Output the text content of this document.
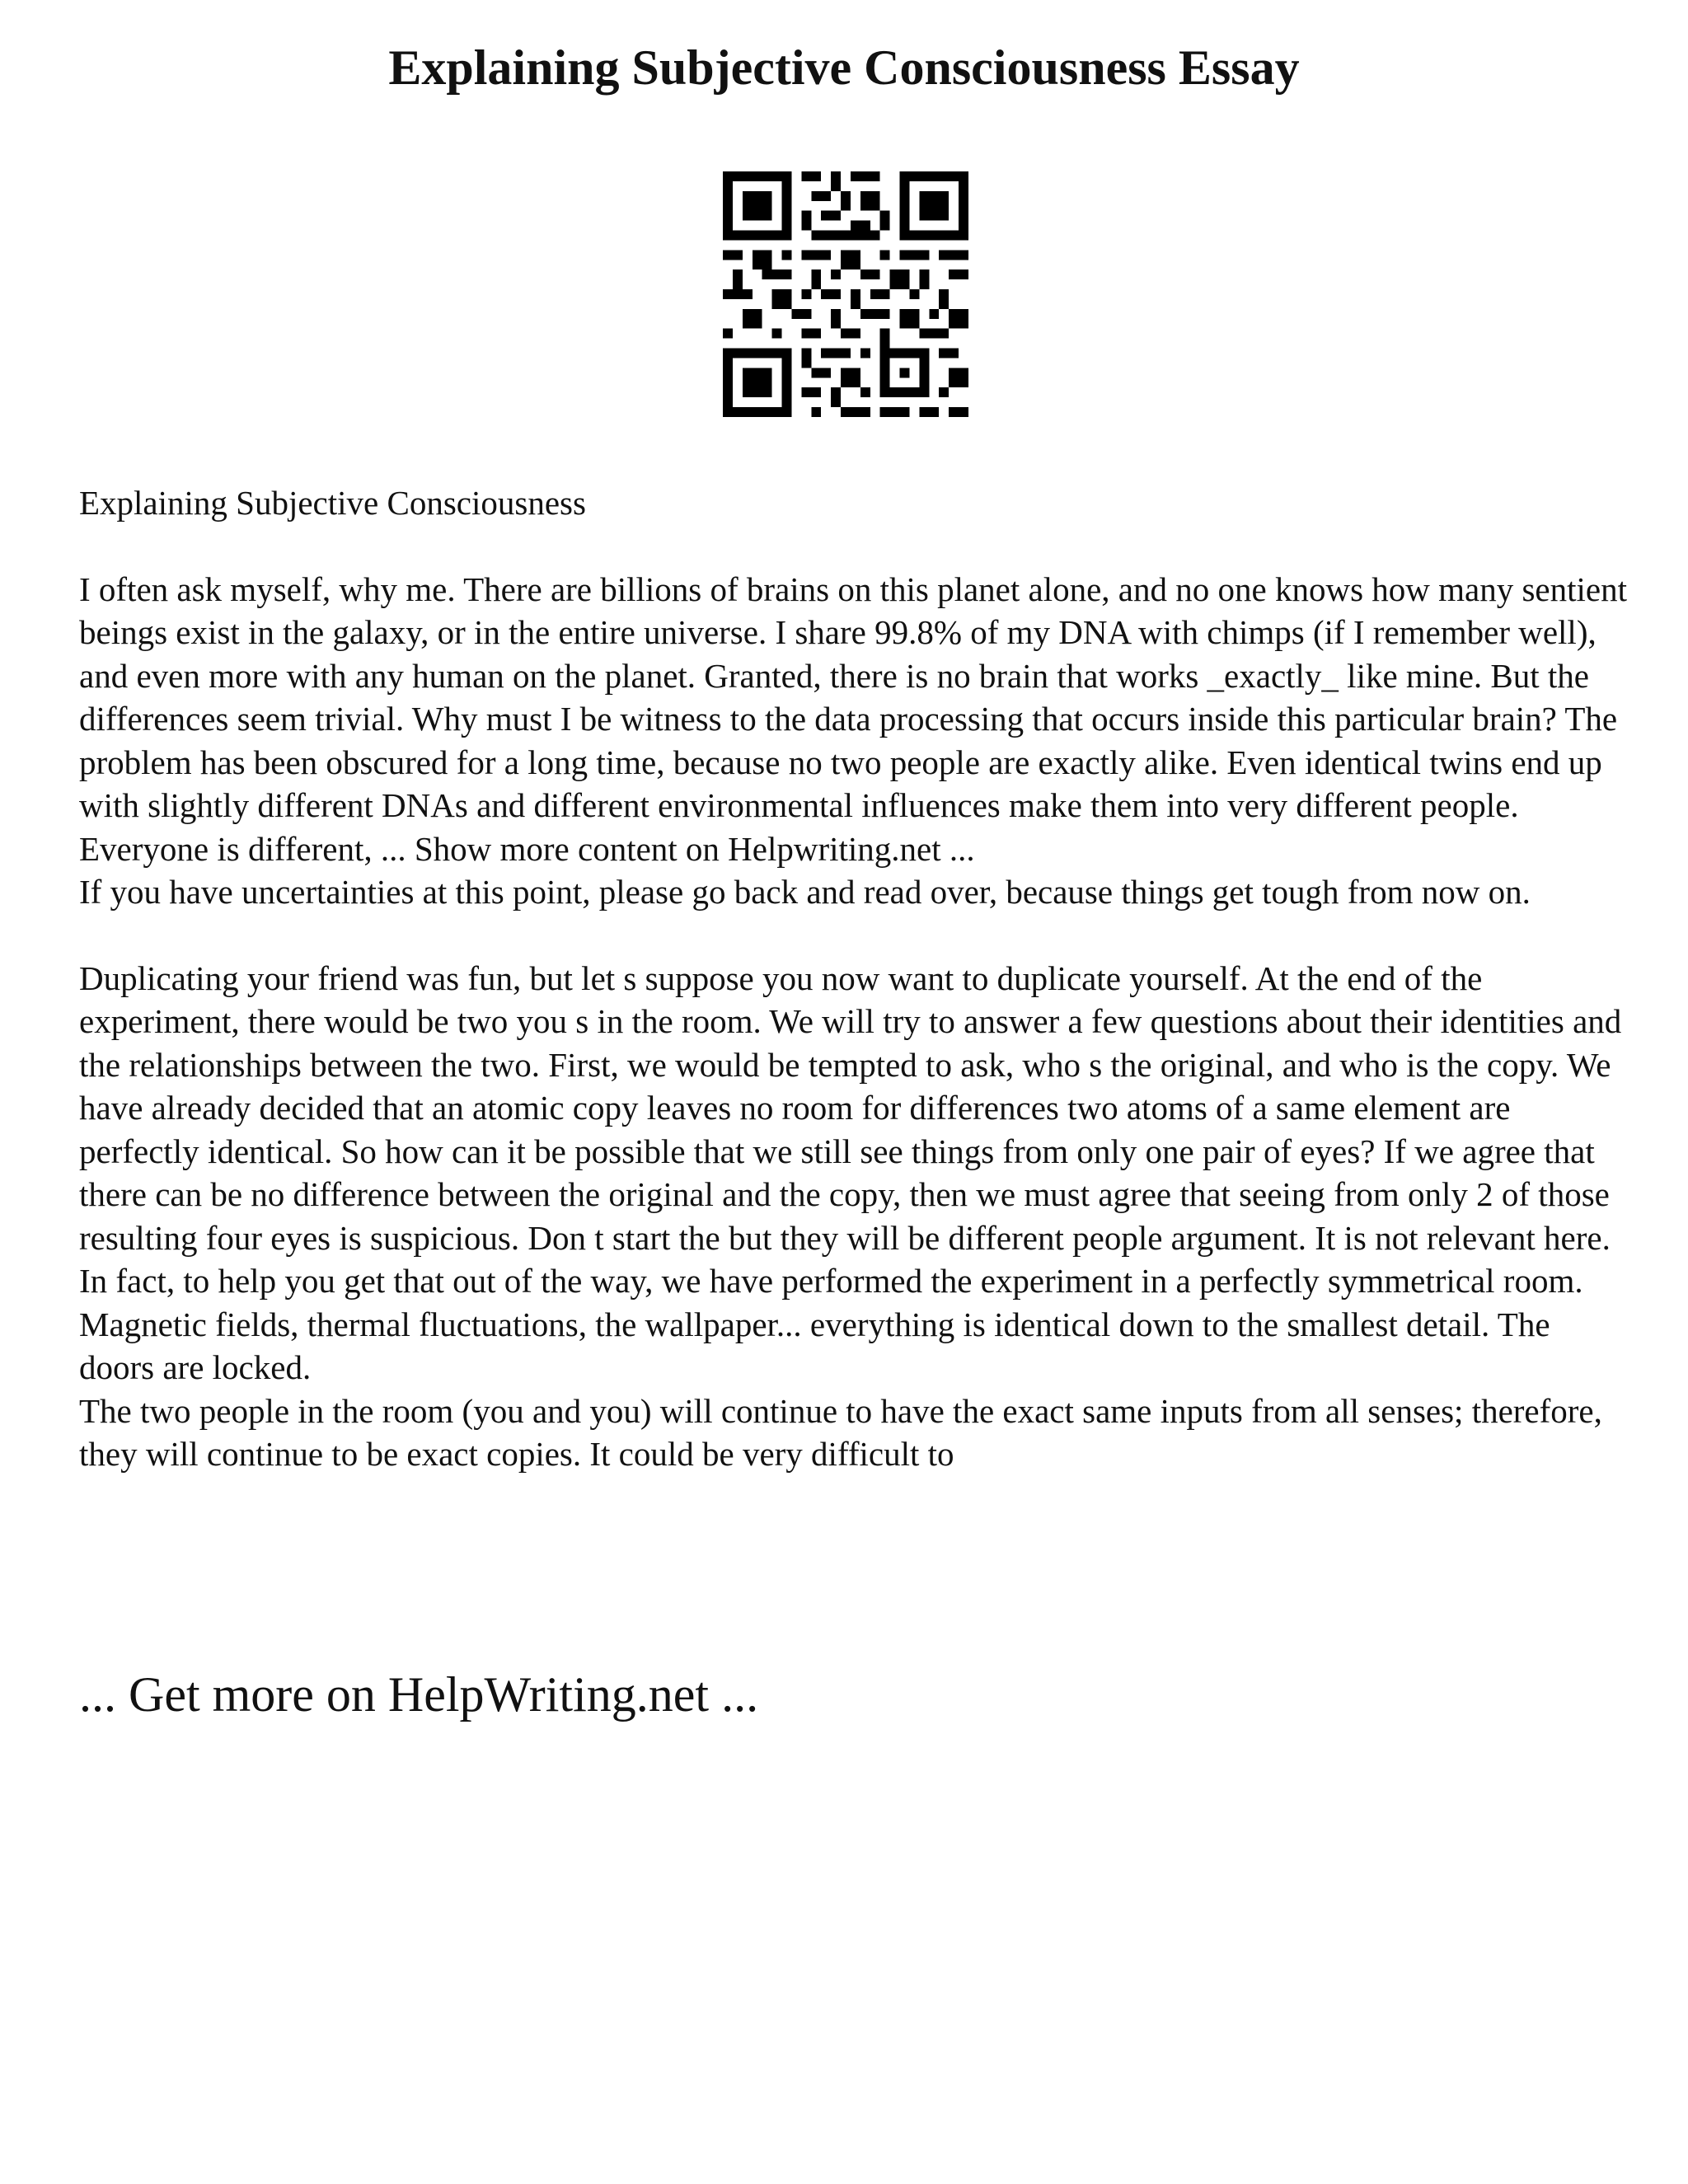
Explaining Subjective Consciousness Essay

Explaining Subjective Consciousness

I often ask myself, why me. There are billions of brains on this planet alone, and no one knows how many sentient beings exist in the galaxy, or in the entire universe. I share 99.8% of my DNA with chimps (if I remember well), and even more with any human on the planet. Granted, there is no brain that works _exactly_ like mine. But the differences seem trivial. Why must I be witness to the data processing that occurs inside this particular brain? The problem has been obscured for a long time, because no two people are exactly alike. Even identical twins end up with slightly different DNAs and different environmental influences make them into very different people.

Everyone is different, ... Show more content on Helpwriting.net ...

If you have uncertainties at this point, please go back and read over, because things get tough from now on.

Duplicating your friend was fun, but let s suppose you now want to duplicate yourself. At the end of the experiment, there would be two you s in the room. We will try to answer a few questions about their identities and the relationships between the two. First, we would be tempted to ask, who s the original, and who is the copy. We have already decided that an atomic copy leaves no room for differences two atoms of a same element are perfectly identical. So how can it be possible that we still see things from only one pair of eyes? If we agree that there can be no difference between the original and the copy, then we must agree that seeing from only 2 of those resulting four eyes is suspicious. Don t start the but they will be different people argument. It is not relevant here. In fact, to help you get that out of the way, we have performed the experiment in a perfectly symmetrical room. Magnetic fields, thermal fluctuations, the wallpaper... everything is identical down to the smallest detail. The doors are locked.

The two people in the room (you and you) will continue to have the exact same inputs from all senses; therefore, they will continue to be exact copies. It could be very difficult to

... Get more on HelpWriting.net ...
